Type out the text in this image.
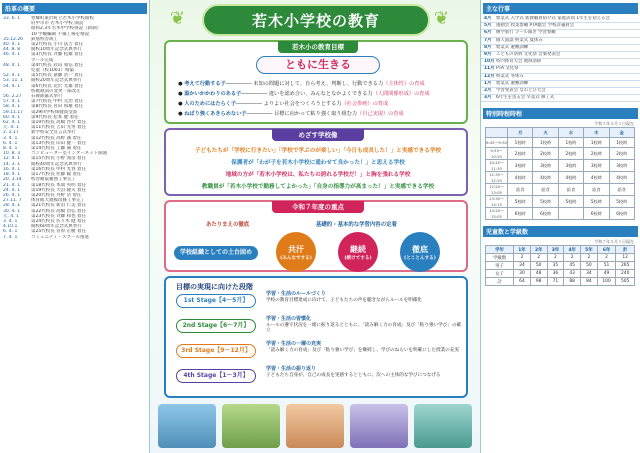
沿革の概要
33. 6. 1	豊郷町東沢町立若木小学校開校
府中市市 若木小学校 開設
昭和2.3年若木中学校併設（新制）
10 学級編制 不備工場を増設
35.12.26	鉄筋校舎竣工
40. 4. 1	第2代校長 小川 法吉 着任
44. 8. 8	開校10周年記念式典挙行
46. 4. 1	第3代校長 斉藤 松雄 着任
プール完成
48. 4. 1	第4代校長 武田 義信 着任
児童（校1001）増築
52. 4. 1	第5代校長 嘉藤 浩一 着任
53. 11. 1	開校20周年記念式典挙行
54. 4. 1	第6代校長 北沢 光雄 着任
校歌歌詞の変更一部改正
56. 2.27	石碑除幕式挙行
57. 4. 1	第7代校長 中村 元治 着任
58. 4. 1	第8代校長 宮田 和雄 着任
59.11.17	第29回学校保健賞受賞
60. 4. 1	第9代校長 松本 健 着任
62. 4. 1	第10代校長 高橋 啓介 着任
元. 4. 1	第11代校長 吉田 光男 着任
2. 2.17	新学校安全宣言式挙行
3. 4. 1	第12代校長 高野 誠 着任
6. 4. 1	第13代校長 山田 健一 着任
8. 4. 1	第14代校長 工藤 満 着任
10. 8. 3	コンピューター室インターネット開通
12. 4. 1	第15代校長 小野 義彦 着任
14. 3. 1	開校40周年記念式典挙行
16. 4. 1	第16代校長 中村 光春 着任
18. 4. 1	第17代校長 佐藤 聡 着任
20. 3.14	校舎耐震補強工事完了
21. 4. 1	第18代校長 本間 英明 着任
24. 4. 1	第19代校長 大沼 隆夫 着任
26. 4. 1	第20代校長 丹野 浩 着任
27.11. 7	体育館大規模改修工事完了
28. 4. 1	第21代校長 新沼 仁美 着任
30. 4. 1	第22代校長 高橋 昌弘 着任
元. 4. 1	第23代校長 斉藤 和也 着任
3. 4. 1	第24代校長 佐々木 健 着任
4.10.1	開校60周年記念式典挙行
6. 4. 1	第25代校長 菅原 正樹 着任
7. 4. 1	コミュニティ・スクール推進
❦	若木小学校の教育	❦
若木小の教育目標
ともに生きる
● 考えて行動する子――――― 未知の問題に対して、自ら考え、判断し、行動できる力（主体性）の育成
● 温かいかかわりのある子――――― 違いを認め合い、みんなとなかよくできる力（人間関係形成）の育成
● 人のためにはたらく子――――― よりよい社会をつくろうとする力（社会参画）の育成
● ねばり強くあきらめない子――――― 目標に向かって粘り強く取り組む力（自己実現）の育成
めざす学校像
子どもたちが「学校に行きたい」「学校で学ぶのが楽しい」「今日も成長した！」と実感できる学校
保護者が「わが子を若木小学校に通わせて良かった！」と思える学校
地域の方が「若木小学校は、私たちの誇れる学校だ！」と胸を張れる学校
教職員が「若木小学校で勤務してよかった」「自身の指導力が高まった！」と実感できる学校
令和７年度の重点
あたりまえの徹底	基礎的・基本的な学習内容の定着
学校組織としての土台固め	共汗
(みんなでする)
継続
(続けてする)
徹底
(とことんする)
目標の実現に向けた段階
1st Stage【4～5月】
学習・生活のルールづくり
学校の教育目標達成に向けて、子どもたちの声を聴きながらルールを明確化
2nd Stage【6～7月】
学習・生活の習慣化
ルールの遵守状況を一緒に振り返るとともに、「読み解く力の育成」及び「粘り強い学び」の確立
3rd Stage【9～12月】
学習・生活の一層の充実
「読み解く力の育成」及び「粘り強い学び」を継続し、学びのねらいを明確にした授業の充実
4th Stage【1～3月】
学習・生活の振り返り
子どもたち自身が、自己の成長を実感するとともに、次への主体的な学びにつなげる
主な行事
4月	始業式 入学式 新教職員紹介式 家庭訪問 1年生を迎える会
5月	運動会 授業参観 PTA総会 学校評議員会
6月	修学旅行 プール開き 学習参観
7月	個人面談 終業式 夏休み
8月	始業式 避難訓練
9月	こどもの祭典 文化祭 音楽発表会
10月 校内体育大会 地域清掃
11月 PTA 文化祭
12月 終業式 冬休み
1月	始業式 避難訓練
2月	学習発表会 なわとび大会
3月	6年生を送る会 卒業式 修了式
特別時程時程
令和７年４月１日現在
	月	火	水	木	金
8:45～9:30	1校時	1校時	1校時	1校時	1校時
9:35～10:20	2校時	2校時	2校時	2校時	2校時
10:45～11:30	3校時	3校時	3校時	3校時	3校時
11:35～12:20	4校時	4校時	4校時	4校時	4校時
12:20～13:05	給食	給食	給食	給食	給食
13:30～14:15	5校時	5校時	5校時	5校時	5校時
14:20～15:05	6校時	6校時		6校時	6校時
児童数と学級数
令和７年５月１日現在
学年	1年	2年	3年	4年	5年	6年	計
学級数	2	2	2	2	2	2	12
男子	34	50	35	45	50	51	265
女子	30	48	36	43	34	49	240
計	64	98	71	88	84	100	505
